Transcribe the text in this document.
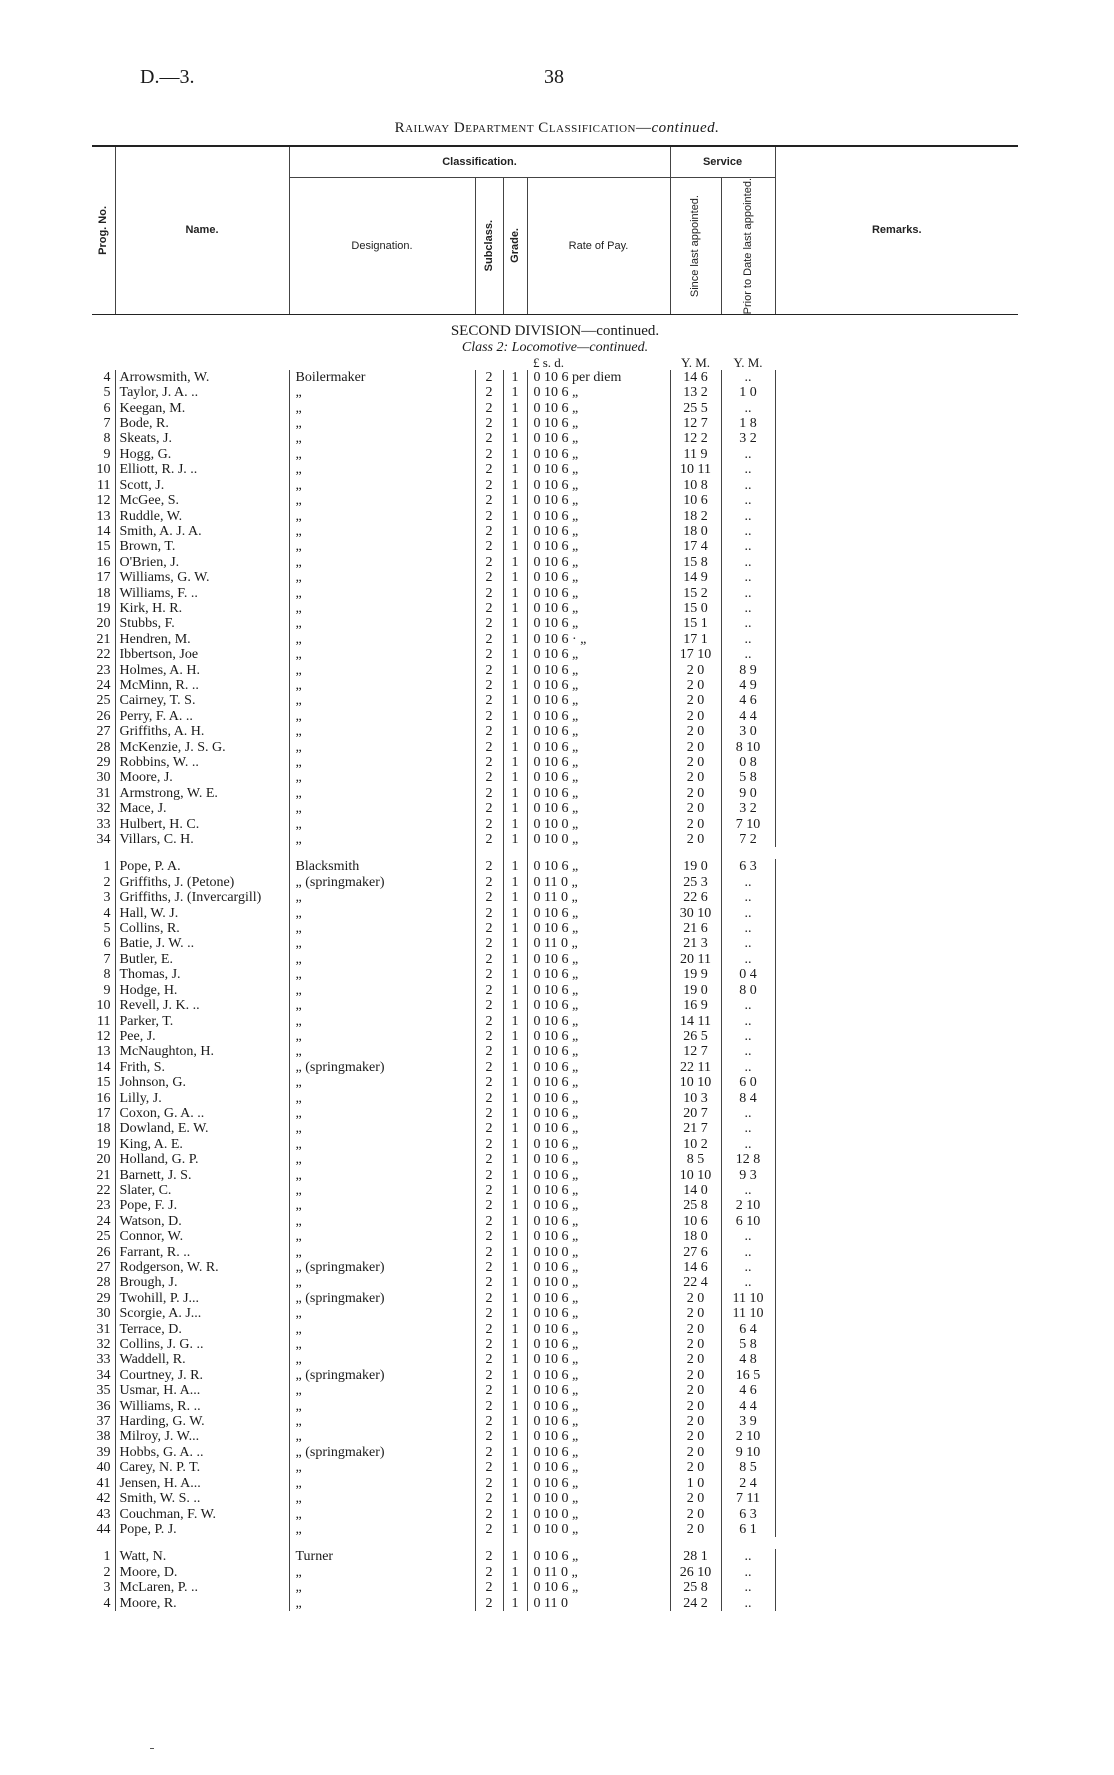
D.—3.	38
Railway Department Classification—continued.
Prog. No.	Name.	Classification.				Service		Remarks.
		Designation.	Subclass.	Grade.	Rate of Pay.	Since last appointed.	Prior to Date last appointed.	

SECOND DIVISION—continued.								
Class 2: Locomotive—continued.								
					£ s. d.	Y. M.	Y. M.	
4	Arrowsmith, W.	Boilermaker	2	1	0 10 6 per diem	14 6	..	
5	Taylor, J. A. ..	„	2	1	0 10 6 „	13 2	1 0	
6	Keegan, M.	„	2	1	0 10 6 „	25 5	..	
7	Bode, R.	„	2	1	0 10 6 „	12 7	1 8	
8	Skeats, J.	„	2	1	0 10 6 „	12 2	3 2	
9	Hogg, G.	„	2	1	0 10 6 „	11 9	..	
10	Elliott, R. J. ..	„	2	1	0 10 6 „	10 11	..	
11	Scott, J.	„	2	1	0 10 6 „	10 8	..	
12	McGee, S.	„	2	1	0 10 6 „	10 6	..	
13	Ruddle, W.	„	2	1	0 10 6 „	18 2	..	
14	Smith, A. J. A.	„	2	1	0 10 6 „	18 0	..	
15	Brown, T.	„	2	1	0 10 6 „	17 4	..	
16	O'Brien, J.	„	2	1	0 10 6 „	15 8	..	
17	Williams, G. W.	„	2	1	0 10 6 „	14 9	..	
18	Williams, F. ..	„	2	1	0 10 6 „	15 2	..	
19	Kirk, H. R.	„	2	1	0 10 6 „	15 0	..	
20	Stubbs, F.	„	2	1	0 10 6 „	15 1	..	
21	Hendren, M.	„	2	1	0 10 6 · „	17 1	..	
22	Ibbertson, Joe	„	2	1	0 10 6 „	17 10	..	
23	Holmes, A. H.	„	2	1	0 10 6 „	2 0	8 9	
24	McMinn, R. ..	„	2	1	0 10 6 „	2 0	4 9	
25	Cairney, T. S.	„	2	1	0 10 6 „	2 0	4 6	
26	Perry, F. A. ..	„	2	1	0 10 6 „	2 0	4 4	
27	Griffiths, A. H.	„	2	1	0 10 6 „	2 0	3 0	
28	McKenzie, J. S. G.	„	2	1	0 10 6 „	2 0	8 10	
29	Robbins, W. ..	„	2	1	0 10 6 „	2 0	0 8	
30	Moore, J.	„	2	1	0 10 6 „	2 0	5 8	
31	Armstrong, W. E.	„	2	1	0 10 6 „	2 0	9 0	
32	Mace, J.	„	2	1	0 10 6 „	2 0	3 2	
33	Hulbert, H. C.	„	2	1	0 10 0 „	2 0	7 10	
34	Villars, C. H.	„	2	1	0 10 0 „	2 0	7 2	

1	Pope, P. A.	Blacksmith	2	1	0 10 6 „	19 0	6 3	
2	Griffiths, J. (Petone)	„ (springmaker)	2	1	0 11 0 „	25 3	..	
3	Griffiths, J. (Invercargill)	„	2	1	0 11 0 „	22 6	..	
4	Hall, W. J.	„	2	1	0 10 6 „	30 10	..	
5	Collins, R.	„	2	1	0 10 6 „	21 6	..	
6	Batie, J. W. ..	„	2	1	0 11 0 „	21 3	..	
7	Butler, E.	„	2	1	0 10 6 „	20 11	..	
8	Thomas, J.	„	2	1	0 10 6 „	19 9	0 4	
9	Hodge, H.	„	2	1	0 10 6 „	19 0	8 0	
10	Revell, J. K. ..	„	2	1	0 10 6 „	16 9	..	
11	Parker, T.	„	2	1	0 10 6 „	14 11	..	
12	Pee, J.	„	2	1	0 10 6 „	26 5	..	
13	McNaughton, H.	„	2	1	0 10 6 „	12 7	..	
14	Frith, S.	„ (springmaker)	2	1	0 10 6 „	22 11	..	
15	Johnson, G.	„	2	1	0 10 6 „	10 10	6 0	
16	Lilly, J.	„	2	1	0 10 6 „	10 3	8 4	
17	Coxon, G. A. ..	„	2	1	0 10 6 „	20 7	..	
18	Dowland, E. W.	„	2	1	0 10 6 „	21 7	..	
19	King, A. E.	„	2	1	0 10 6 „	10 2	..	
20	Holland, G. P.	„	2	1	0 10 6 „	8 5	12 8	
21	Barnett, J. S.	„	2	1	0 10 6 „	10 10	9 3	
22	Slater, C.	„	2	1	0 10 6 „	14 0	..	
23	Pope, F. J.	„	2	1	0 10 6 „	25 8	2 10	
24	Watson, D.	„	2	1	0 10 6 „	10 6	6 10	
25	Connor, W.	„	2	1	0 10 6 „	18 0	..	
26	Farrant, R. ..	„	2	1	0 10 0 „	27 6	..	
27	Rodgerson, W. R.	„ (springmaker)	2	1	0 10 6 „	14 6	..	
28	Brough, J.	„	2	1	0 10 0 „	22 4	..	
29	Twohill, P. J...	„ (springmaker)	2	1	0 10 6 „	2 0	11 10	
30	Scorgie, A. J...	„	2	1	0 10 6 „	2 0	11 10	
31	Terrace, D.	„	2	1	0 10 6 „	2 0	6 4	
32	Collins, J. G. ..	„	2	1	0 10 6 „	2 0	5 8	
33	Waddell, R.	„	2	1	0 10 6 „	2 0	4 8	
34	Courtney, J. R.	„ (springmaker)	2	1	0 10 6 „	2 0	16 5	
35	Usmar, H. A...	„	2	1	0 10 6 „	2 0	4 6	
36	Williams, R. ..	„	2	1	0 10 6 „	2 0	4 4	
37	Harding, G. W.	„	2	1	0 10 6 „	2 0	3 9	
38	Milroy, J. W...	„	2	1	0 10 6 „	2 0	2 10	
39	Hobbs, G. A. ..	„ (springmaker)	2	1	0 10 6 „	2 0	9 10	
40	Carey, N. P. T.	„	2	1	0 10 6 „	2 0	8 5	
41	Jensen, H. A...	„	2	1	0 10 6 „	1 0	2 4	
42	Smith, W. S. ..	„	2	1	0 10 0 „	2 0	7 11	
43	Couchman, F. W.	„	2	1	0 10 0 „	2 0	6 3	
44	Pope, P. J.	„	2	1	0 10 0 „	2 0	6 1	

1	Watt, N.	Turner	2	1	0 10 6 „	28 1	..	
2	Moore, D.	„	2	1	0 11 0 „	26 10	..	
3	McLaren, P. ..	„	2	1	0 10 6 „	25 8	..	
4	Moore, R.	„	2	1	0 11 0	24 2	..	
